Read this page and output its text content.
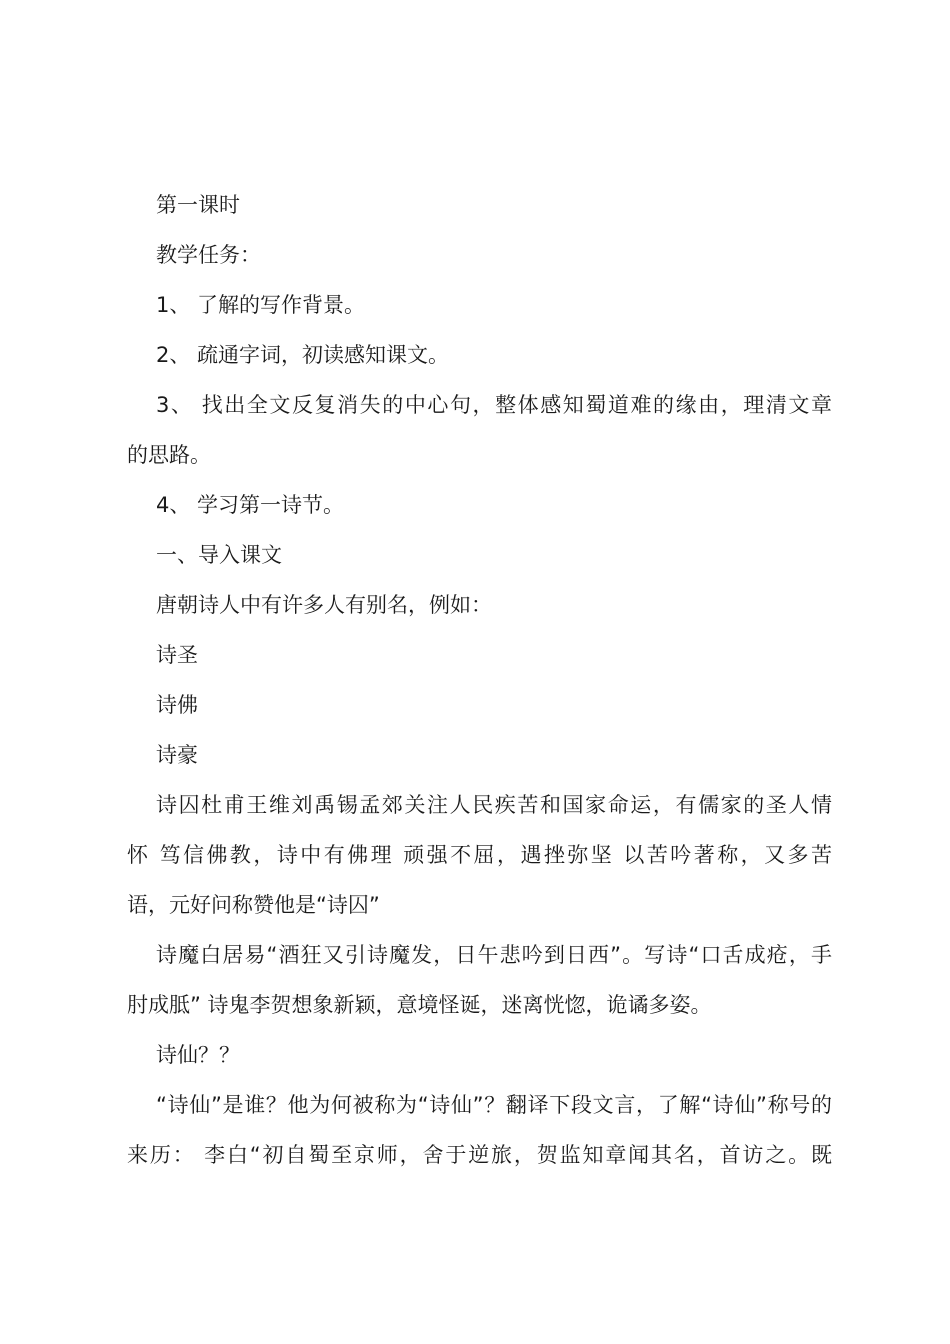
第一课时
教学任务：
1、 了解的写作背景。
2、 疏通字词，初读感知课文。
3、 找出全文反复消失的中心句，整体感知蜀道难的缘由，理清文章
的思路。
4、 学习第一诗节。
一、导入课文
唐朝诗人中有许多人有别名，例如：
诗圣
诗佛
诗豪
诗囚杜甫王维刘禹锡孟郊关注人民疾苦和国家命运，有儒家的圣人情
怀 笃信佛教，诗中有佛理 顽强不屈，遇挫弥坚 以苦吟著称，又多苦
语，元好问称赞他是“诗囚”
诗魔白居易“酒狂又引诗魔发，日午悲吟到日西”。写诗“口舌成疮，手
肘成胝” 诗鬼李贺想象新颖，意境怪诞，迷离恍惚，诡谲多姿。
诗仙？？
“诗仙”是谁？他为何被称为“诗仙”？翻译下段文言，了解“诗仙”称号的
来历： 李白“初自蜀至京师，舍于逆旅，贺监知章闻其名，首访之。既
